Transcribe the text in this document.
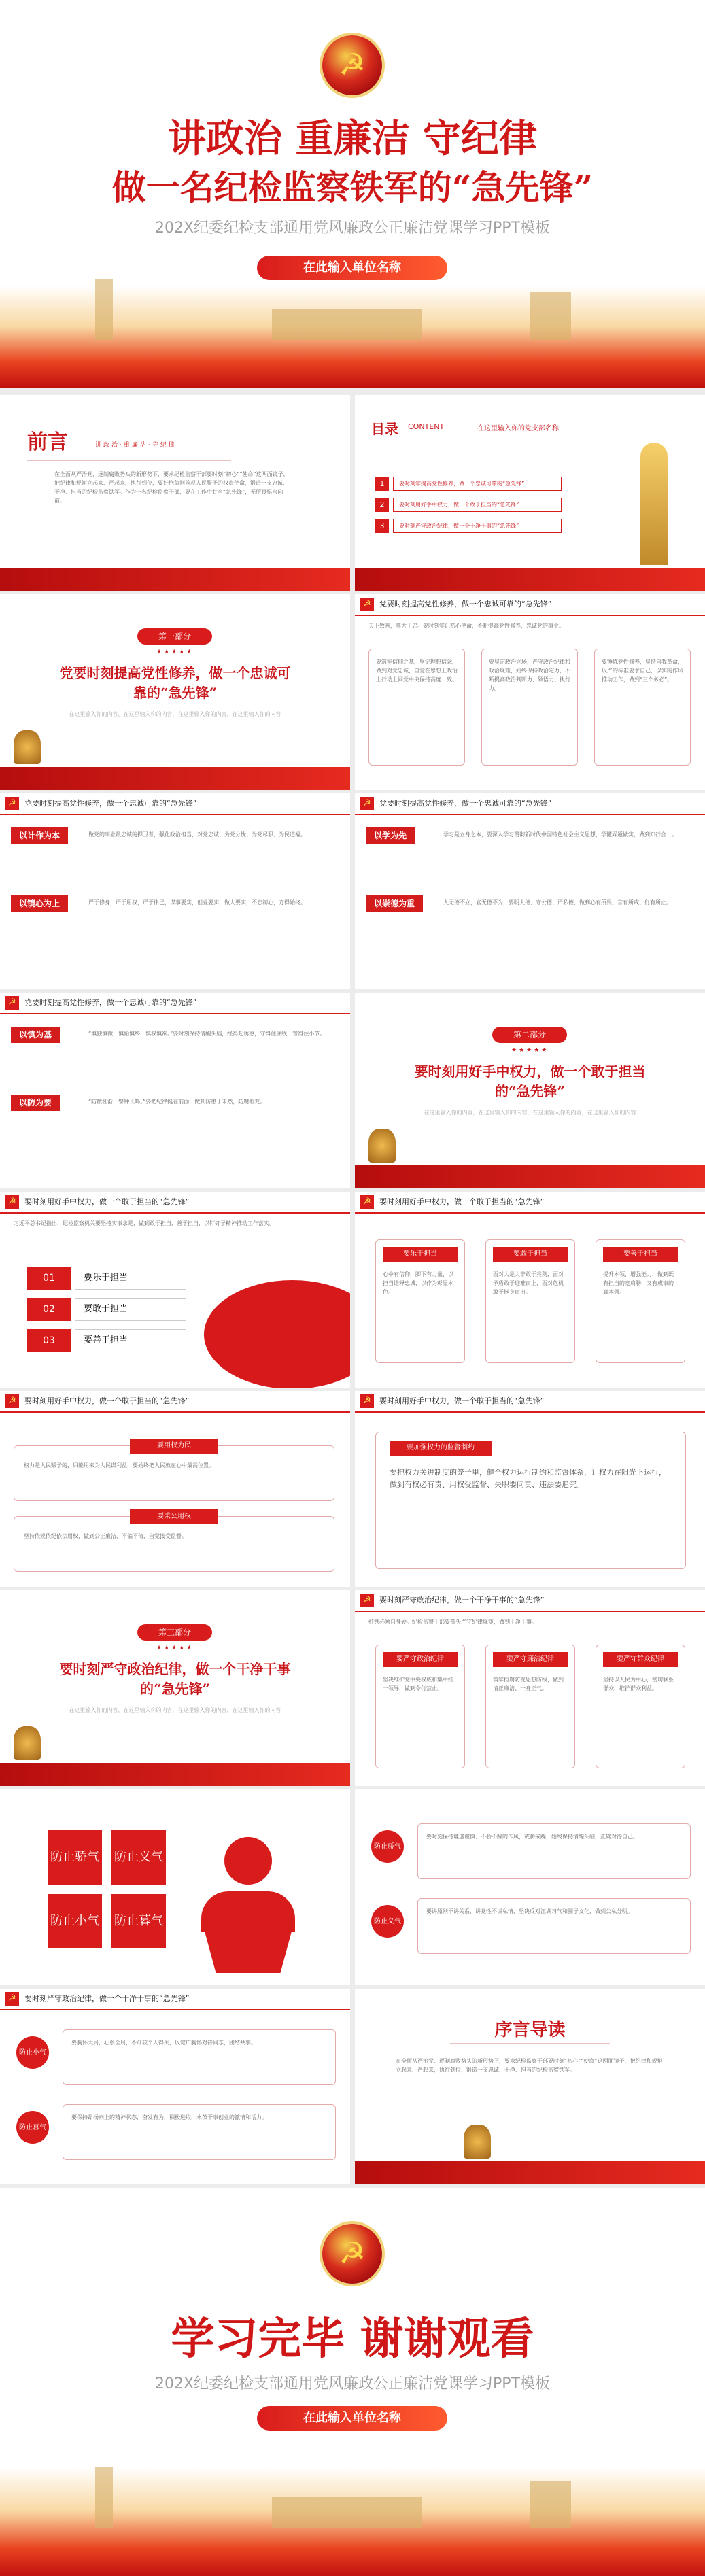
☭
讲政治 重廉洁 守纪律
做一名纪检监察铁军的“急先锋”
202X纪委纪检支部通用党风廉政公正廉洁党课学习PPT模板
在此输入单位名称
前言	讲政治·重廉洁·守纪律
在全面从严治党、逐制腐败势头的新形势下，要求纪检监察干部要时刻“初心”“使命”这两面镜子，把纪律和规矩立起来、严起来，执行到位，要好抱负则首观人民服予的权责使命，锻造一支忠诚、干净、担当的纪检监察铁军。作为一名纪检监察干部，要在工作中甘当“急先锋”，无所畏惧永向前。
目录 CONTENT	在这里输入你的党支部名称
1	要时刻牢提高党性修养，做一个忠诚可靠的“急先锋”
2	要时刻用好手中权力，做一个敢于担当的“急先锋”
3	要时刻严守政治纪律，做一个干净干事的“急先锋”
第一部分
★★★★★
党要时刻提高党性修养，做一个忠诚可靠的“急先锋”
在这里输入你的内容，在这里输入你的内容，在这里输入你的内容，在这里输入你的内容
☭	党要时刻提高党性修养，做一个忠诚可靠的“急先锋”
天下致善，莫大于忠。要时刻牢记初心使命，不断提高党性修养，忠诚党的事业。
要筑牢信仰之基，坚定理想信念，做到对党忠诚，自觉在思想上政治上行动上同党中央保持高度一致。
要坚定政治立场，严守政治纪律和政治规矩，始终保持政治定力，不断提高政治判断力、领悟力、执行力。
要锤炼党性修养，坚持自我革命，以严的标准要求自己，以实的作风推动工作，做到“三个务必”。
☭	党要时刻提高党性修养，做一个忠诚可靠的“急先锋”
以计作为本	做党的事业最忠诚的捍卫者，强化政治担当，对党忠诚、为党分忧、为党尽职、为民造福。
以镜心为上	严于修身，严于用权，严于律己，谋事要实，创业要实，做人要实，不忘初心，方得始终。
☭	党要时刻提高党性修养，做一个忠诚可靠的“急先锋”
以学为先	学习是立身之本，要深入学习贯彻新时代中国特色社会主义思想，学懂弄通做实，做到知行合一。
以崇德为重	人无德不立，官无德不为，要明大德、守公德、严私德，做到心有所畏、言有所戒、行有所止。
☭	党要时刻提高党性修养，做一个忠诚可靠的“急先锋”
以慎为基	“慎独慎微，慎始慎终，慎权慎欲。”要时刻保持清醒头脑，经得起诱惑，守得住底线，管得住小节。
以防为要	“防微杜渐，警钟长鸣。”要把纪律挺在前面，做到防患于未然，防腐拒变。
第二部分
★★★★★
要时刻用好手中权力，做一个敢于担当的“急先锋”
在这里输入你的内容，在这里输入你的内容，在这里输入你的内容，在这里输入你的内容
☭	要时刻用好手中权力，做一个敢于担当的“急先锋”
习近平总书记指出，纪检监察机关要坚持实事求是，做到敢于担当、善于担当，以钉钉子精神推动工作落实。
01	要乐于担当
02	要敢于担当
03	要善于担当
☭	要时刻用好手中权力，做一个敢于担当的“急先锋”
要乐于担当
心中有信仰，脚下有力量，以担当诠释忠诚，以作为彰显本色。
要敢于担当
面对大是大非敢于亮剑，面对矛盾敢于迎难而上，面对危机敢于挺身而出。
要善于担当
提升本领，增强能力，做到既有担当的宽肩膀，又有成事的真本领。
☭	要时刻用好手中权力，做一个敢于担当的“急先锋”
要用权为民
权力是人民赋予的，只能用来为人民谋利益，要始终把人民放在心中最高位置。
要秉公用权
坚持依规依纪依法用权，做到公正廉洁、不偏不倚，自觉接受监督。
☭	要时刻用好手中权力，做一个敢于担当的“急先锋”
要加强权力的监督制约
要把权力关进制度的笼子里，健全权力运行制约和监督体系，让权力在阳光下运行，做到有权必有责、用权受监督、失职要问责、违法要追究。
第三部分
★★★★★
要时刻严守政治纪律，做一个干净干事的“急先锋”
在这里输入你的内容，在这里输入你的内容，在这里输入你的内容，在这里输入你的内容
☭	要时刻严守政治纪律，做一个干净干事的“急先锋”
打铁必须自身硬。纪检监察干部要带头严守纪律规矩，做到干净干事。
要严守政治纪律
坚决维护党中央权威和集中统一领导，做到令行禁止。
要严守廉洁纪律
筑牢拒腐防变思想防线，做到清正廉洁、一身正气。
要严守群众纪律
坚持以人民为中心，密切联系群众，维护群众利益。
防止骄气 防止义气
防止小气 防止暮气
防止骄气
要时刻保持谦虚谨慎、不骄不躁的作风，戒骄戒躁，始终保持清醒头脑，正确对待自己。
防止义气
要讲原则不讲关系，讲党性不讲私情，坚决反对江湖习气和圈子文化，做到公私分明。
☭	要时刻严守政治纪律，做一个干净干事的“急先锋”
防止小气
要胸怀大局，心系全局，不计较个人得失，以宽广胸怀对待同志，团结共事。
防止暮气
要保持昂扬向上的精神状态，奋发有为，积极进取，永葆干事创业的激情和活力。
序言导读
在全面从严治党、逐制腐败势头的新形势下，要求纪检监察干部要时刻“初心”“使命”这两面镜子，把纪律和规矩立起来、严起来，执行到位，锻造一支忠诚、干净、担当的纪检监察铁军。
☭
学习完毕 谢谢观看
202X纪委纪检支部通用党风廉政公正廉洁党课学习PPT模板
在此输入单位名称
